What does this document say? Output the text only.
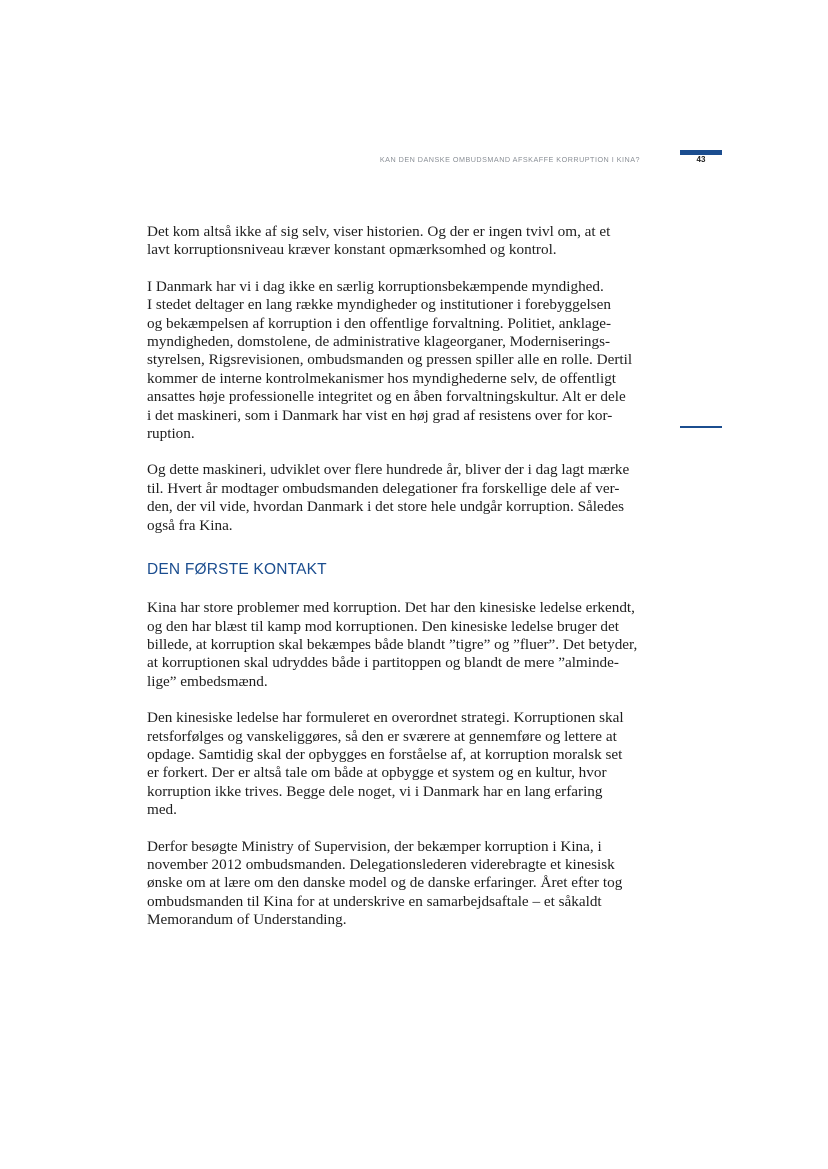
KAN DEN DANSKE OMBUDSMAND AFSKAFFE KORRUPTION I KINA?	43

Det kom altså ikke af sig selv, viser historien. Og der er ingen tvivl om, at et
lavt korruptionsniveau kræver konstant opmærksomhed og kontrol.

I Danmark har vi i dag ikke en særlig korruptionsbekæmpende myndighed.
I stedet deltager en lang række myndigheder og institutioner i forebyggelsen
og bekæmpelsen af korruption i den offentlige forvaltning. Politiet, anklage-
myndigheden, domstolene, de administrative klageorganer, Moderniserings-
styrelsen, Rigsrevisionen, ombudsmanden og pressen spiller alle en rolle. Dertil
kommer de interne kontrolmekanismer hos myndighederne selv, de offentligt
ansattes høje professionelle integritet og en åben forvaltningskultur. Alt er dele
i det maskineri, som i Danmark har vist en høj grad af resistens over for kor-
ruption.

Og dette maskineri, udviklet over flere hundrede år, bliver der i dag lagt mærke
til. Hvert år modtager ombudsmanden delegationer fra forskellige dele af ver-
den, der vil vide, hvordan Danmark i det store hele undgår korruption. Således
også fra Kina.

DEN FØRSTE KONTAKT

Kina har store problemer med korruption. Det har den kinesiske ledelse erkendt,
og den har blæst til kamp mod korruptionen. Den kinesiske ledelse bruger det
billede, at korruption skal bekæmpes både blandt ”tigre” og ”fluer”. Det betyder,
at korruptionen skal udryddes både i partitoppen og blandt de mere ”alminde-
lige” embedsmænd.

Den kinesiske ledelse har formuleret en overordnet strategi. Korruptionen skal
retsforfølges og vanskeliggøres, så den er sværere at gennemføre og lettere at
opdage. Samtidig skal der opbygges en forståelse af, at korruption moralsk set
er forkert. Der er altså tale om både at opbygge et system og en kultur, hvor
korruption ikke trives. Begge dele noget, vi i Danmark har en lang erfaring
med.

Derfor besøgte Ministry of Supervision, der bekæmper korruption i Kina, i
november 2012 ombudsmanden. Delegationslederen viderebragte et kinesisk
ønske om at lære om den danske model og de danske erfaringer. Året efter tog
ombudsmanden til Kina for at underskrive en samarbejdsaftale – et såkaldt
Memorandum of Understanding.
